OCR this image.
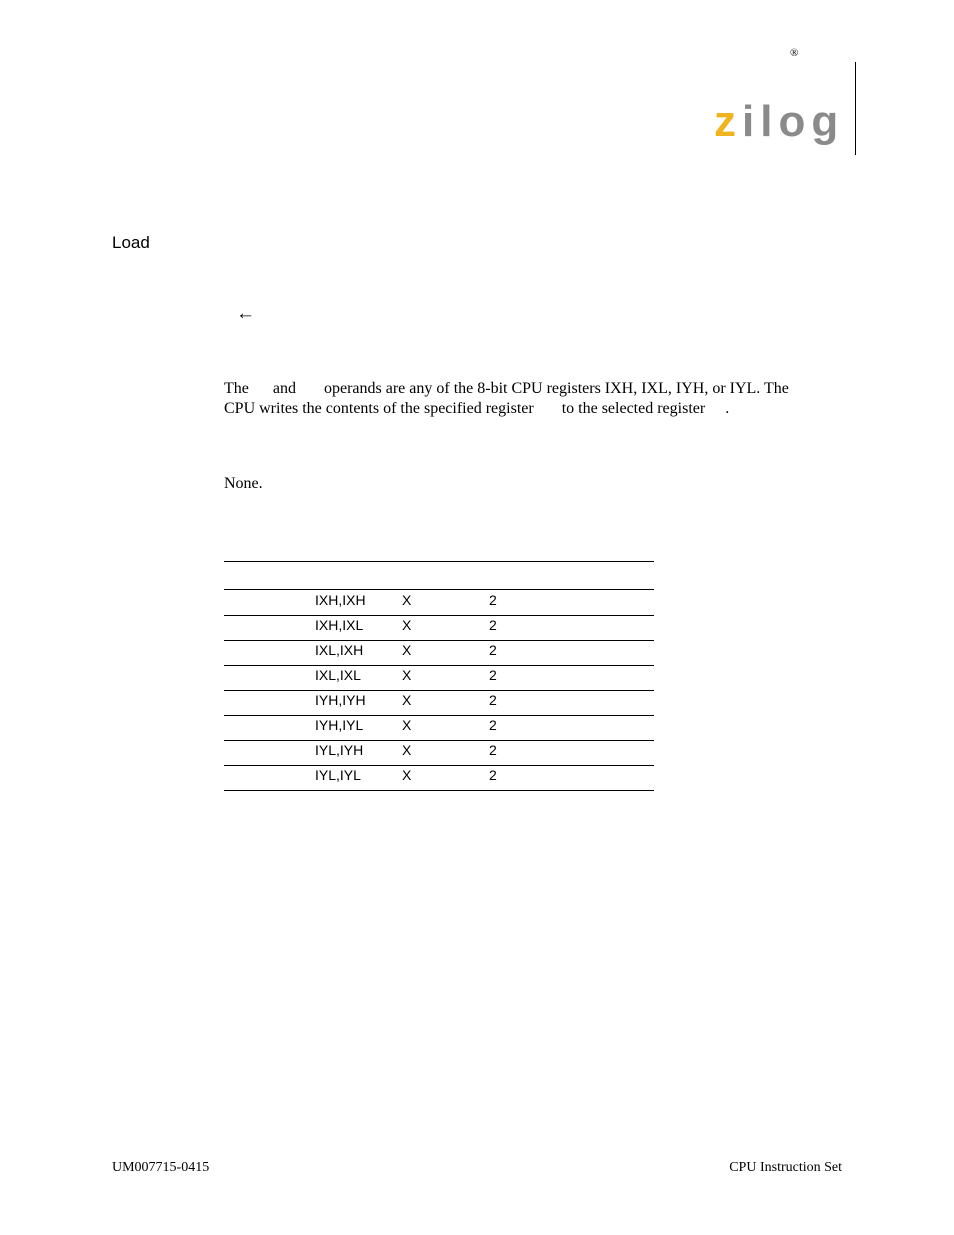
®
z ilog
Load
←
The      and       operands are any of the 8-bit CPU registers IXH, IXL, IYH, or IYL. The
CPU writes the contents of the specified register       to the selected register     .
None.
IXH,IXH	X	2
IXH,IXL	X	2
IXL,IXH	X	2
IXL,IXL	X	2
IYH,IYH	X	2
IYH,IYL	X	2
IYL,IYH	X	2
IYL,IYL	X	2
UM007715-0415	CPU Instruction Set
